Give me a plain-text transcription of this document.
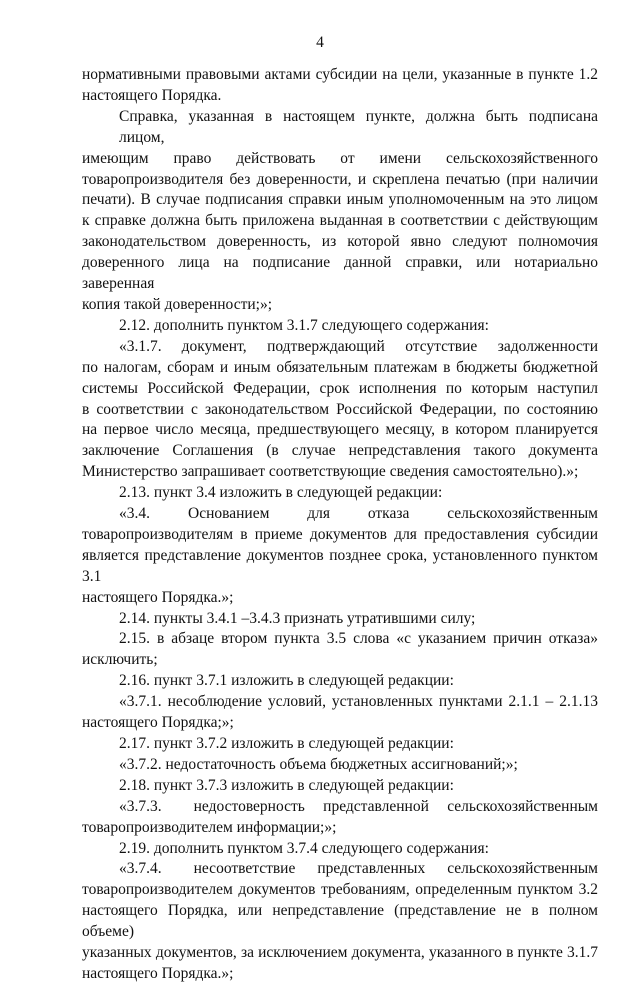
4
нормативными правовыми актами субсидии на цели, указанные в пункте 1.2
настоящего Порядка.
Справка, указанная в настоящем пункте, должна быть подписана лицом,
имеющим право действовать от имени сельскохозяйственного
товаропроизводителя без доверенности, и скреплена печатью (при наличии
печати). В случае подписания справки иным уполномоченным на это лицом
к справке должна быть приложена выданная в соответствии с действующим
законодательством доверенность, из которой явно следуют полномочия
доверенного лица на подписание данной справки, или нотариально заверенная
копия такой доверенности;»;
2.12. дополнить пунктом 3.1.7 следующего содержания:
«3.1.7. документ, подтверждающий отсутствие задолженности
по налогам, сборам и иным обязательным платежам в бюджеты бюджетной
системы Российской Федерации, срок исполнения по которым наступил
в соответствии с законодательством Российской Федерации, по состоянию
на первое число месяца, предшествующего месяцу, в котором планируется
заключение Соглашения (в случае непредставления такого документа
Министерство запрашивает соответствующие сведения самостоятельно).»;
2.13. пункт 3.4 изложить в следующей редакции:
«3.4. Основанием для отказа сельскохозяйственным
товаропроизводителям в приеме документов для предоставления субсидии
является представление документов позднее срока, установленного пунктом 3.1
настоящего Порядка.»;
2.14. пункты 3.4.1 –3.4.3 признать утратившими силу;
2.15. в абзаце втором пункта 3.5 слова «с указанием причин отказа»
исключить;
2.16. пункт 3.7.1 изложить в следующей редакции:
«3.7.1. несоблюдение условий, установленных пунктами 2.1.1 – 2.1.13
настоящего Порядка;»;
2.17. пункт 3.7.2 изложить в следующей редакции:
«3.7.2. недостаточность объема бюджетных ассигнований;»;
2.18. пункт 3.7.3 изложить в следующей редакции:
«3.7.3. недостоверность представленной сельскохозяйственным
товаропроизводителем информации;»;
2.19. дополнить пунктом 3.7.4 следующего содержания:
«3.7.4. несоответствие представленных сельскохозяйственным
товаропроизводителем документов требованиям, определенным пунктом 3.2
настоящего Порядка, или непредставление (представление не в полном объеме)
указанных документов, за исключением документа, указанного в пункте 3.1.7
настоящего Порядка.»;
